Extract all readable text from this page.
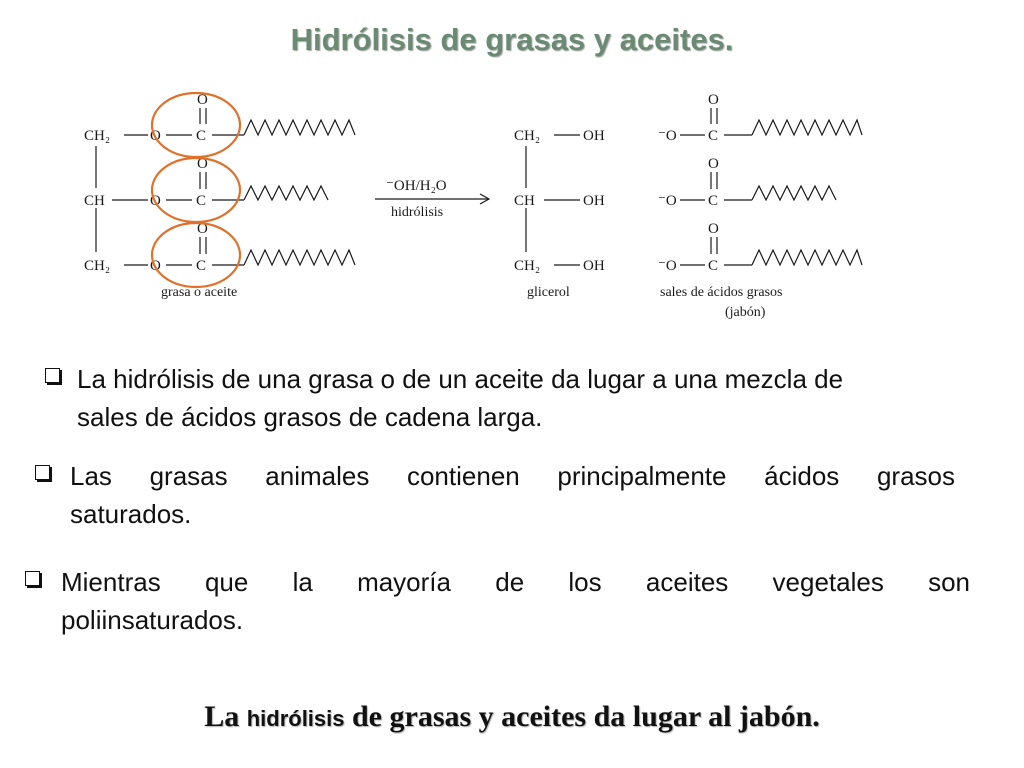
Hidrólisis de grasas y aceites.
CH₂	O C
O
CH	O C
O
CH₂	O C
O
grasa o aceite
⁻OH/H₂O
hidrólisis
CH₂	OH
CH	OH
CH₂	OH
glicerol
⁻O C
O
⁻O C
O
⁻O C
O
sales de ácidos grasos
(jabón)
La hidrólisis de una grasa o de un aceite da lugar a una mezcla de
sales de ácidos grasos de cadena larga.
Las grasas animales contienen principalmente ácidos grasos
saturados.
Mientras que la mayoría de los aceites vegetales son
poliinsaturados.
La hidrólisis de grasas y aceites da lugar al jabón.
